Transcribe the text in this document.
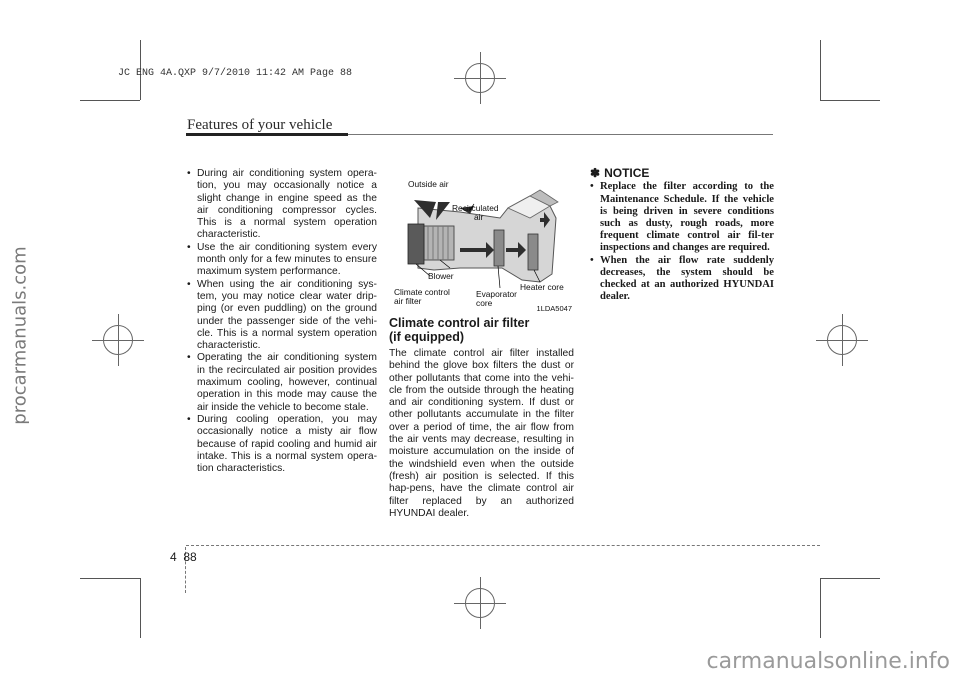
JC ENG 4A.QXP 9/7/2010 11:42 AM Page 88
procarmanuals.com
carmanualsonline.info
Features of your vehicle
• During air conditioning system opera-tion, you may occasionally notice a slight change in engine speed as the air conditioning compressor cycles. This is a normal system operation characteristic.
• Use the air conditioning system every month only for a few minutes to ensure maximum system performance.
• When using the air conditioning sys-tem, you may notice clear water drip-ping (or even puddling) on the ground under the passenger side of the vehi-cle. This is a normal system operation characteristic.
• Operating the air conditioning system in the recirculated air position provides maximum cooling, however, continual operation in this mode may cause the air inside the vehicle to become stale.
• During cooling operation, you may occasionally notice a misty air flow because of rapid cooling and humid air intake. This is a normal system opera-tion characteristics.
Outside air
Recirculated
air
Blower
Climate control
air filter
Evaporator
core
Heater core
1LDA5047
Climate control air filter
(if equipped)
The climate control air filter installed behind the glove box filters the dust or other pollutants that come into the vehi-cle from the outside through the heating and air conditioning system. If dust or other pollutants accumulate in the filter over a period of time, the air flow from the air vents may decrease, resulting in moisture accumulation on the inside of the windshield even when the outside (fresh) air position is selected. If this hap-pens, have the climate control air filter replaced by an authorized HYUNDAI dealer.
✽ NOTICE
• Replace the filter according to the Maintenance Schedule. If the vehicle is being driven in severe conditions such as dusty, rough roads, more frequent climate control air fil-ter inspections and changes are required.
• When the air flow rate suddenly decreases, the system should be checked at an authorized HYUNDAI dealer.
4 88
